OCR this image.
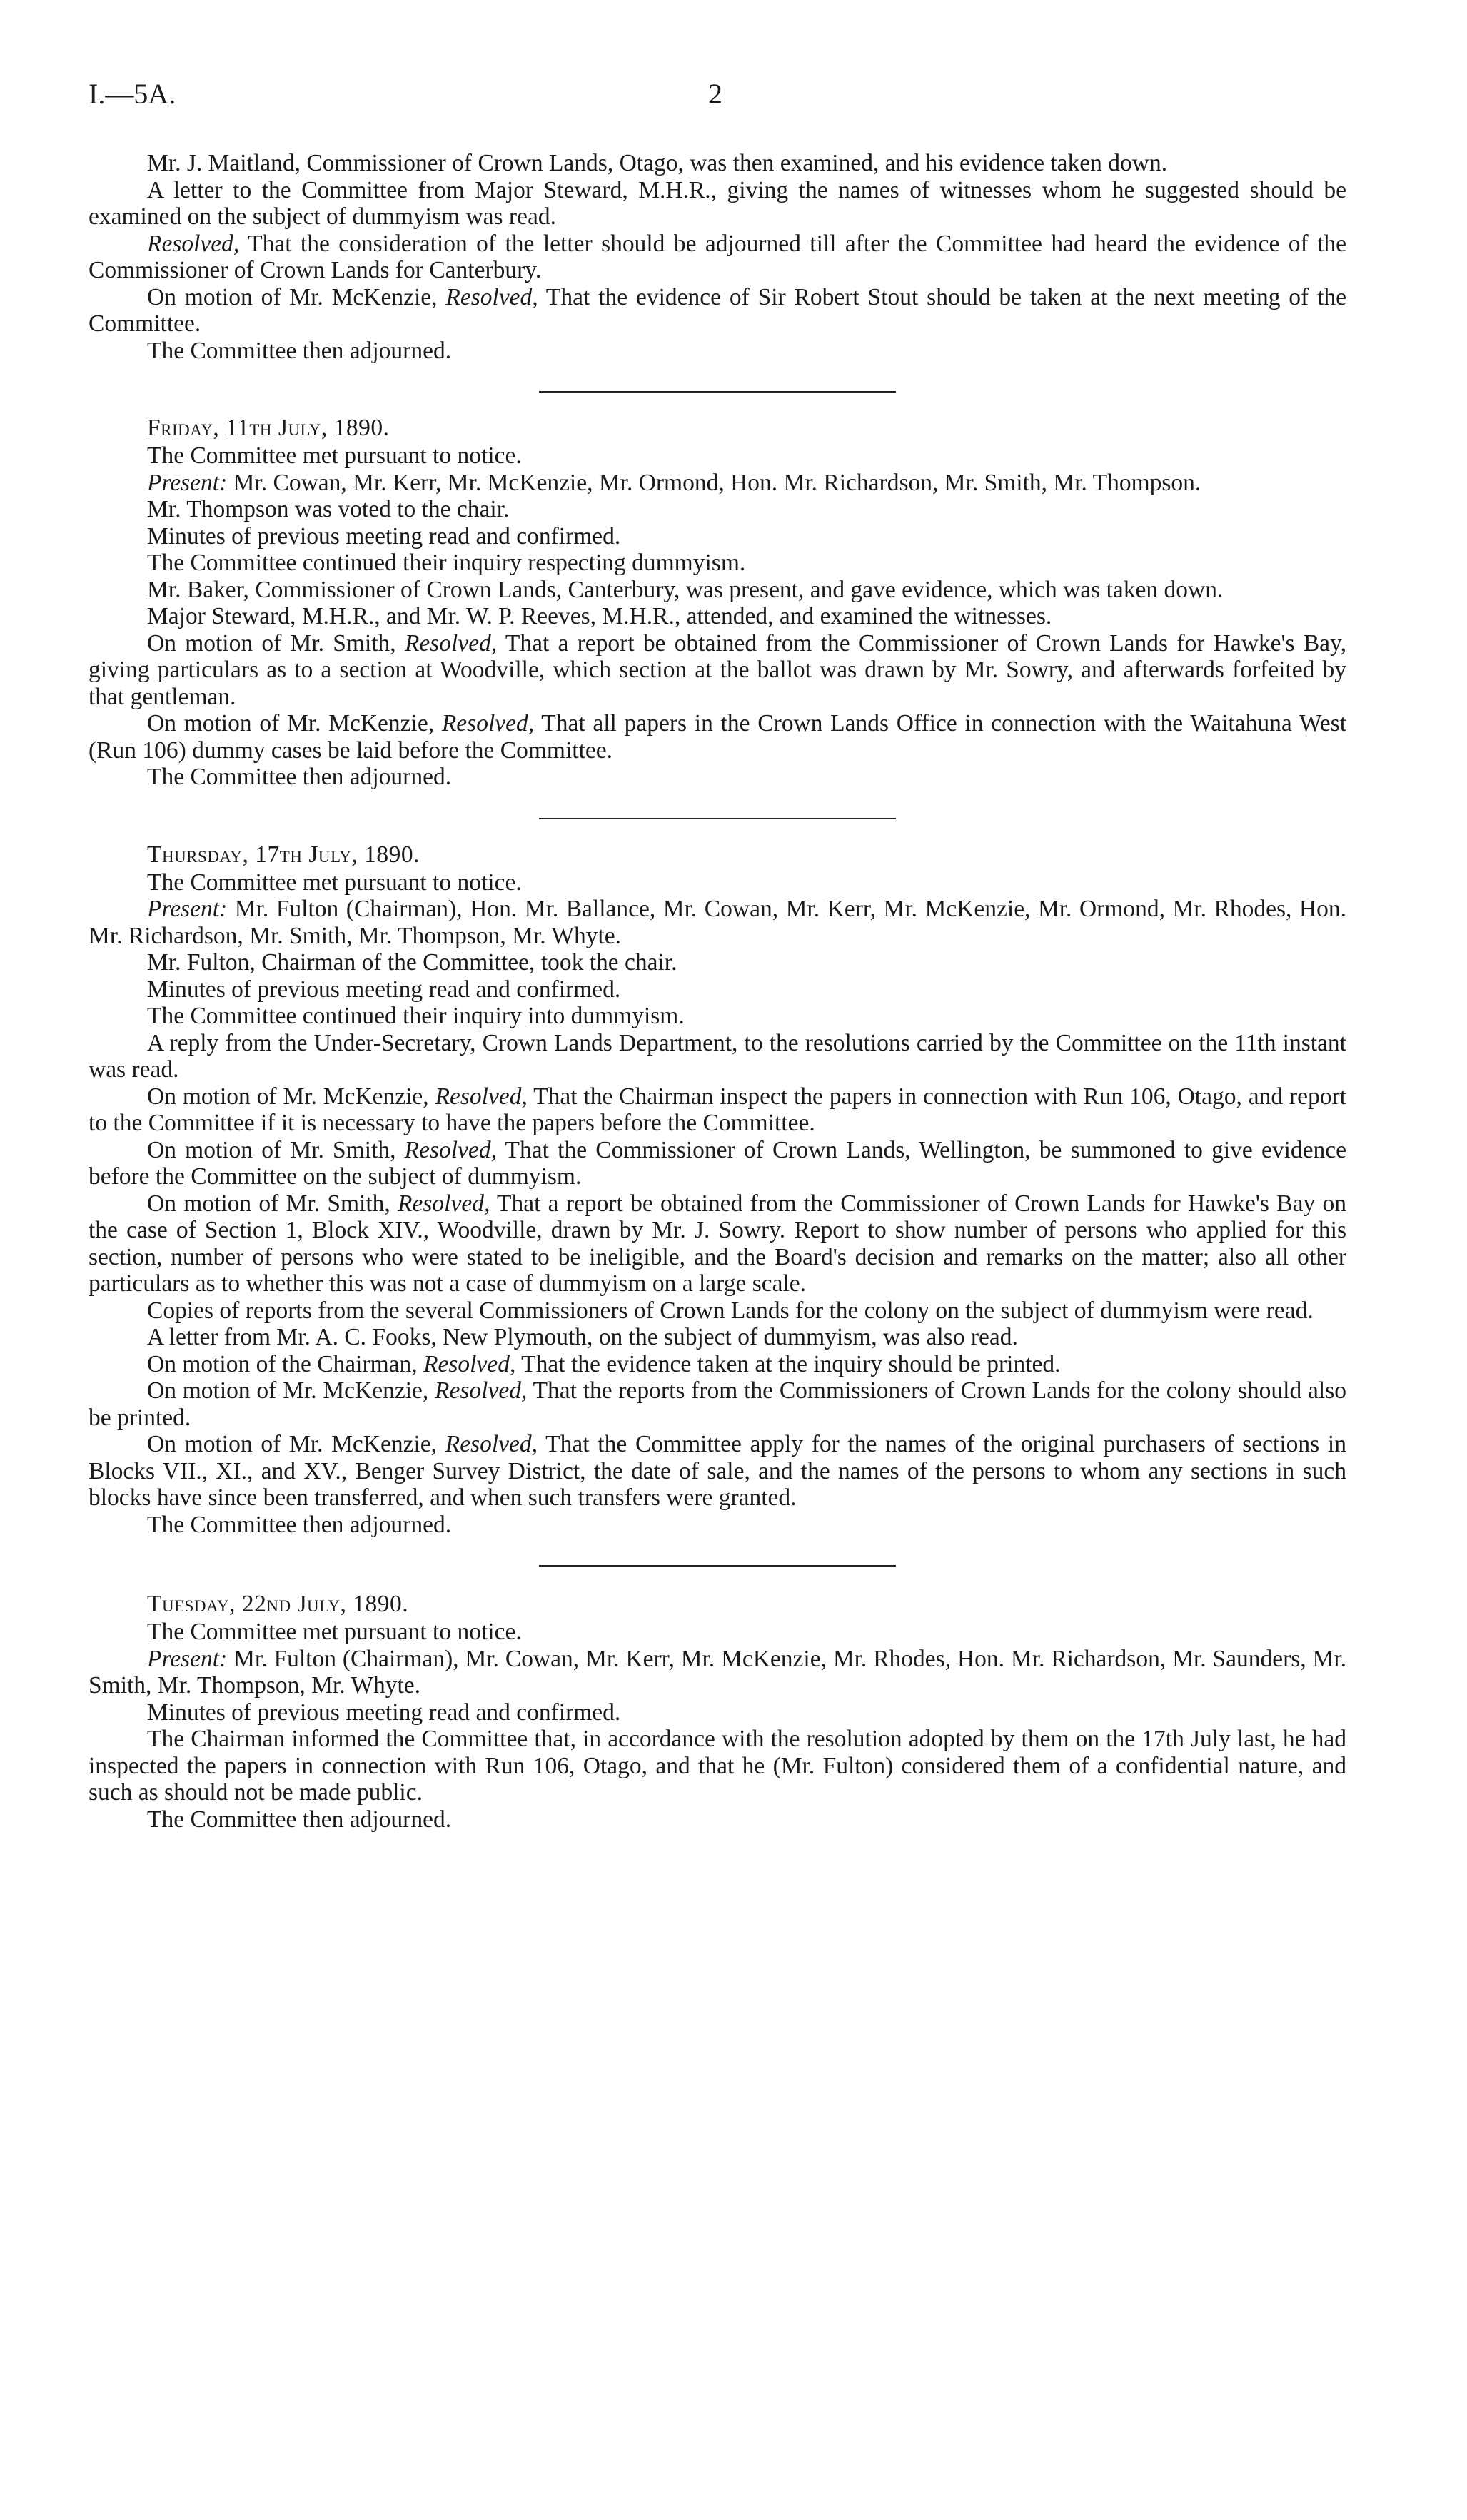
I.—5A.	2

Mr. J. Maitland, Commissioner of Crown Lands, Otago, was then examined, and his evidence taken down.

A letter to the Committee from Major Steward, M.H.R., giving the names of witnesses whom he suggested should be examined on the subject of dummyism was read.

Resolved, That the consideration of the letter should be adjourned till after the Committee had heard the evidence of the Commissioner of Crown Lands for Canterbury.

On motion of Mr. McKenzie, Resolved, That the evidence of Sir Robert Stout should be taken at the next meeting of the Committee.

The Committee then adjourned.

Friday, 11th July, 1890.

The Committee met pursuant to notice.

Present: Mr. Cowan, Mr. Kerr, Mr. McKenzie, Mr. Ormond, Hon. Mr. Richardson, Mr. Smith, Mr. Thompson.

Mr. Thompson was voted to the chair.

Minutes of previous meeting read and confirmed.

The Committee continued their inquiry respecting dummyism.

Mr. Baker, Commissioner of Crown Lands, Canterbury, was present, and gave evidence, which was taken down.

Major Steward, M.H.R., and Mr. W. P. Reeves, M.H.R., attended, and examined the witnesses.

On motion of Mr. Smith, Resolved, That a report be obtained from the Commissioner of Crown Lands for Hawke's Bay, giving particulars as to a section at Woodville, which section at the ballot was drawn by Mr. Sowry, and afterwards forfeited by that gentleman.

On motion of Mr. McKenzie, Resolved, That all papers in the Crown Lands Office in connection with the Waitahuna West (Run 106) dummy cases be laid before the Committee.

The Committee then adjourned.

Thursday, 17th July, 1890.

The Committee met pursuant to notice.

Present: Mr. Fulton (Chairman), Hon. Mr. Ballance, Mr. Cowan, Mr. Kerr, Mr. McKenzie, Mr. Ormond, Mr. Rhodes, Hon. Mr. Richardson, Mr. Smith, Mr. Thompson, Mr. Whyte.

Mr. Fulton, Chairman of the Committee, took the chair.

Minutes of previous meeting read and confirmed.

The Committee continued their inquiry into dummyism.

A reply from the Under-Secretary, Crown Lands Department, to the resolutions carried by the Committee on the 11th instant was read.

On motion of Mr. McKenzie, Resolved, That the Chairman inspect the papers in connection with Run 106, Otago, and report to the Committee if it is necessary to have the papers before the Committee.

On motion of Mr. Smith, Resolved, That the Commissioner of Crown Lands, Wellington, be summoned to give evidence before the Committee on the subject of dummyism.

On motion of Mr. Smith, Resolved, That a report be obtained from the Commissioner of Crown Lands for Hawke's Bay on the case of Section 1, Block XIV., Woodville, drawn by Mr. J. Sowry. Report to show number of persons who applied for this section, number of persons who were stated to be ineligible, and the Board's decision and remarks on the matter; also all other particulars as to whether this was not a case of dummyism on a large scale.

Copies of reports from the several Commissioners of Crown Lands for the colony on the subject of dummyism were read.

A letter from Mr. A. C. Fooks, New Plymouth, on the subject of dummyism, was also read.

On motion of the Chairman, Resolved, That the evidence taken at the inquiry should be printed.

On motion of Mr. McKenzie, Resolved, That the reports from the Commissioners of Crown Lands for the colony should also be printed.

On motion of Mr. McKenzie, Resolved, That the Committee apply for the names of the original purchasers of sections in Blocks VII., XI., and XV., Benger Survey District, the date of sale, and the names of the persons to whom any sections in such blocks have since been transferred, and when such transfers were granted.

The Committee then adjourned.

Tuesday, 22nd July, 1890.

The Committee met pursuant to notice.

Present: Mr. Fulton (Chairman), Mr. Cowan, Mr. Kerr, Mr. McKenzie, Mr. Rhodes, Hon. Mr. Richardson, Mr. Saunders, Mr. Smith, Mr. Thompson, Mr. Whyte.

Minutes of previous meeting read and confirmed.

The Chairman informed the Committee that, in accordance with the resolution adopted by them on the 17th July last, he had inspected the papers in connection with Run 106, Otago, and that he (Mr. Fulton) considered them of a confidential nature, and such as should not be made public.

The Committee then adjourned.
